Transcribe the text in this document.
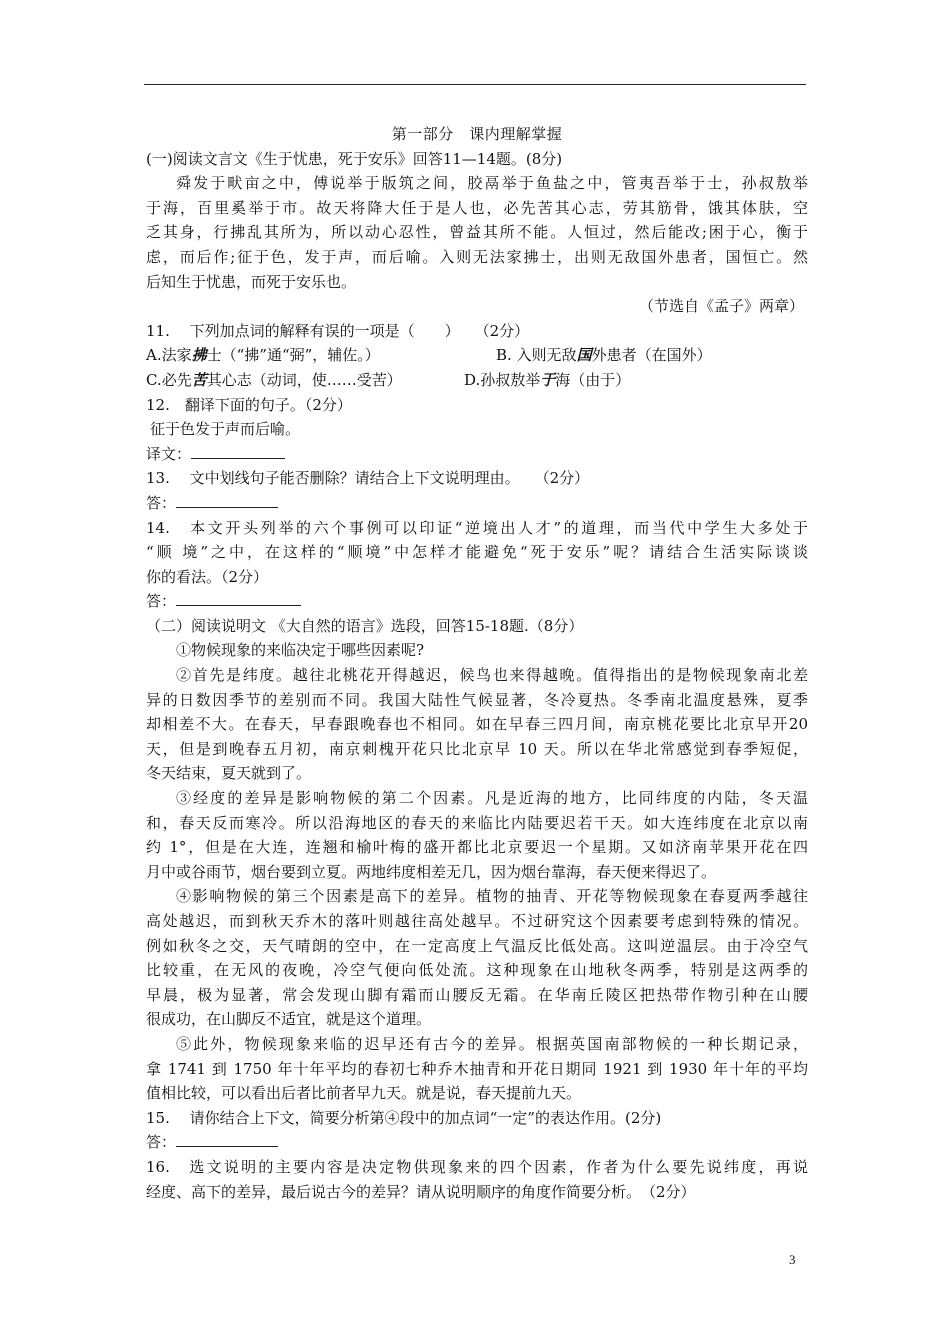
第一部分　课内理解掌握
(一)阅读文言文《生于忧患，死于安乐》回答11—14题。(8分)
舜发于畎亩之中，傅说举于版筑之间，胶鬲举于鱼盐之中，管夷吾举于士，孙叔敖举
于海，百里奚举于市。故天将降大任于是人也，必先苦其心志，劳其筋骨，饿其体肤，空
乏其身，行拂乱其所为，所以动心忍性，曾益其所不能。人恒过，然后能改;困于心，衡于
虑，而后作;征于色，发于声，而后喻。入则无法家拂士，出则无敌国外患者，国恒亡。然
后知生于忧患，而死于安乐也。
（节选自《孟子》两章）
11.　 下列加点词的解释有误的一项是（　　）　　（2分）
A.法家拂士（“拂”通“弼”，辅佐。）	B. 入则无敌国外患者（在国外）
C.必先苦其心志（动词，使……受苦）	D.孙叔敖举于海（由于）
12.　翻译下面的句子。（2分）
征于色发于声而后喻。
译文：
13.　 文中划线句子能否删除？请结合上下文说明理由。　　（2分）
答：
14.　本文开头列举的六个事例可以印证“逆境出人才”的道理，而当代中学生大多处于
“顺 境”之中，在这样的“顺境”中怎样才能避免“死于安乐”呢？请结合生活实际谈谈
你的看法。（2分）
答：
（二）阅读说明文 《大自然的语言》选段，回答15-18题.（8分）
①物候现象的来临决定于哪些因素呢?
②首先是纬度。越往北桃花开得越迟，候鸟也来得越晚。值得指出的是物候现象南北差
异的日数因季节的差别而不同。我国大陆性气候显著，冬冷夏热。冬季南北温度悬殊，夏季
却相差不大。在春天，早春跟晚春也不相同。如在早春三四月间，南京桃花要比北京早开20
天，但是到晚春五月初，南京刺槐开花只比北京早 10 天。所以在华北常感觉到春季短促，
冬天结束，夏天就到了。
③经度的差异是影响物候的第二个因素。凡是近海的地方，比同纬度的内陆，冬天温
和，春天反而寒冷。所以沿海地区的春天的来临比内陆要迟若干天。如大连纬度在北京以南
约 1°，但是在大连，连翘和榆叶梅的盛开都比北京要迟一个星期。又如济南苹果开花在四
月中或谷雨节，烟台要到立夏。两地纬度相差无几，因为烟台靠海，春天便来得迟了。
④影响物候的第三个因素是高下的差异。植物的抽青、开花等物候现象在春夏两季越往
高处越迟，而到秋天乔木的落叶则越往高处越早。不过研究这个因素要考虑到特殊的情况。
例如秋冬之交，天气晴朗的空中，在一定高度上气温反比低处高。这叫逆温层。由于冷空气
比较重，在无风的夜晚，冷空气便向低处流。这种现象在山地秋冬两季，特别是这两季的
早晨，极为显著，常会发现山脚有霜而山腰反无霜。在华南丘陵区把热带作物引种在山腰
很成功，在山脚反不适宜，就是这个道理。
⑤此外，物候现象来临的迟早还有古今的差异。根据英国南部物候的一种长期记录，
拿 1741 到 1750 年十年平均的春初七种乔木抽青和开花日期同 1921 到 1930 年十年的平均
值相比较，可以看出后者比前者早九天。就是说，春天提前九天。
15.　 请你结合上下文，简要分析第④段中的加点词“一定”的表达作用。(2分)
答：
16.　选文说明的主要内容是决定物供现象来的四个因素，作者为什么要先说纬度，再说
经度、高下的差异，最后说古今的差异？请从说明顺序的角度作简要分析。　（2分）
3
